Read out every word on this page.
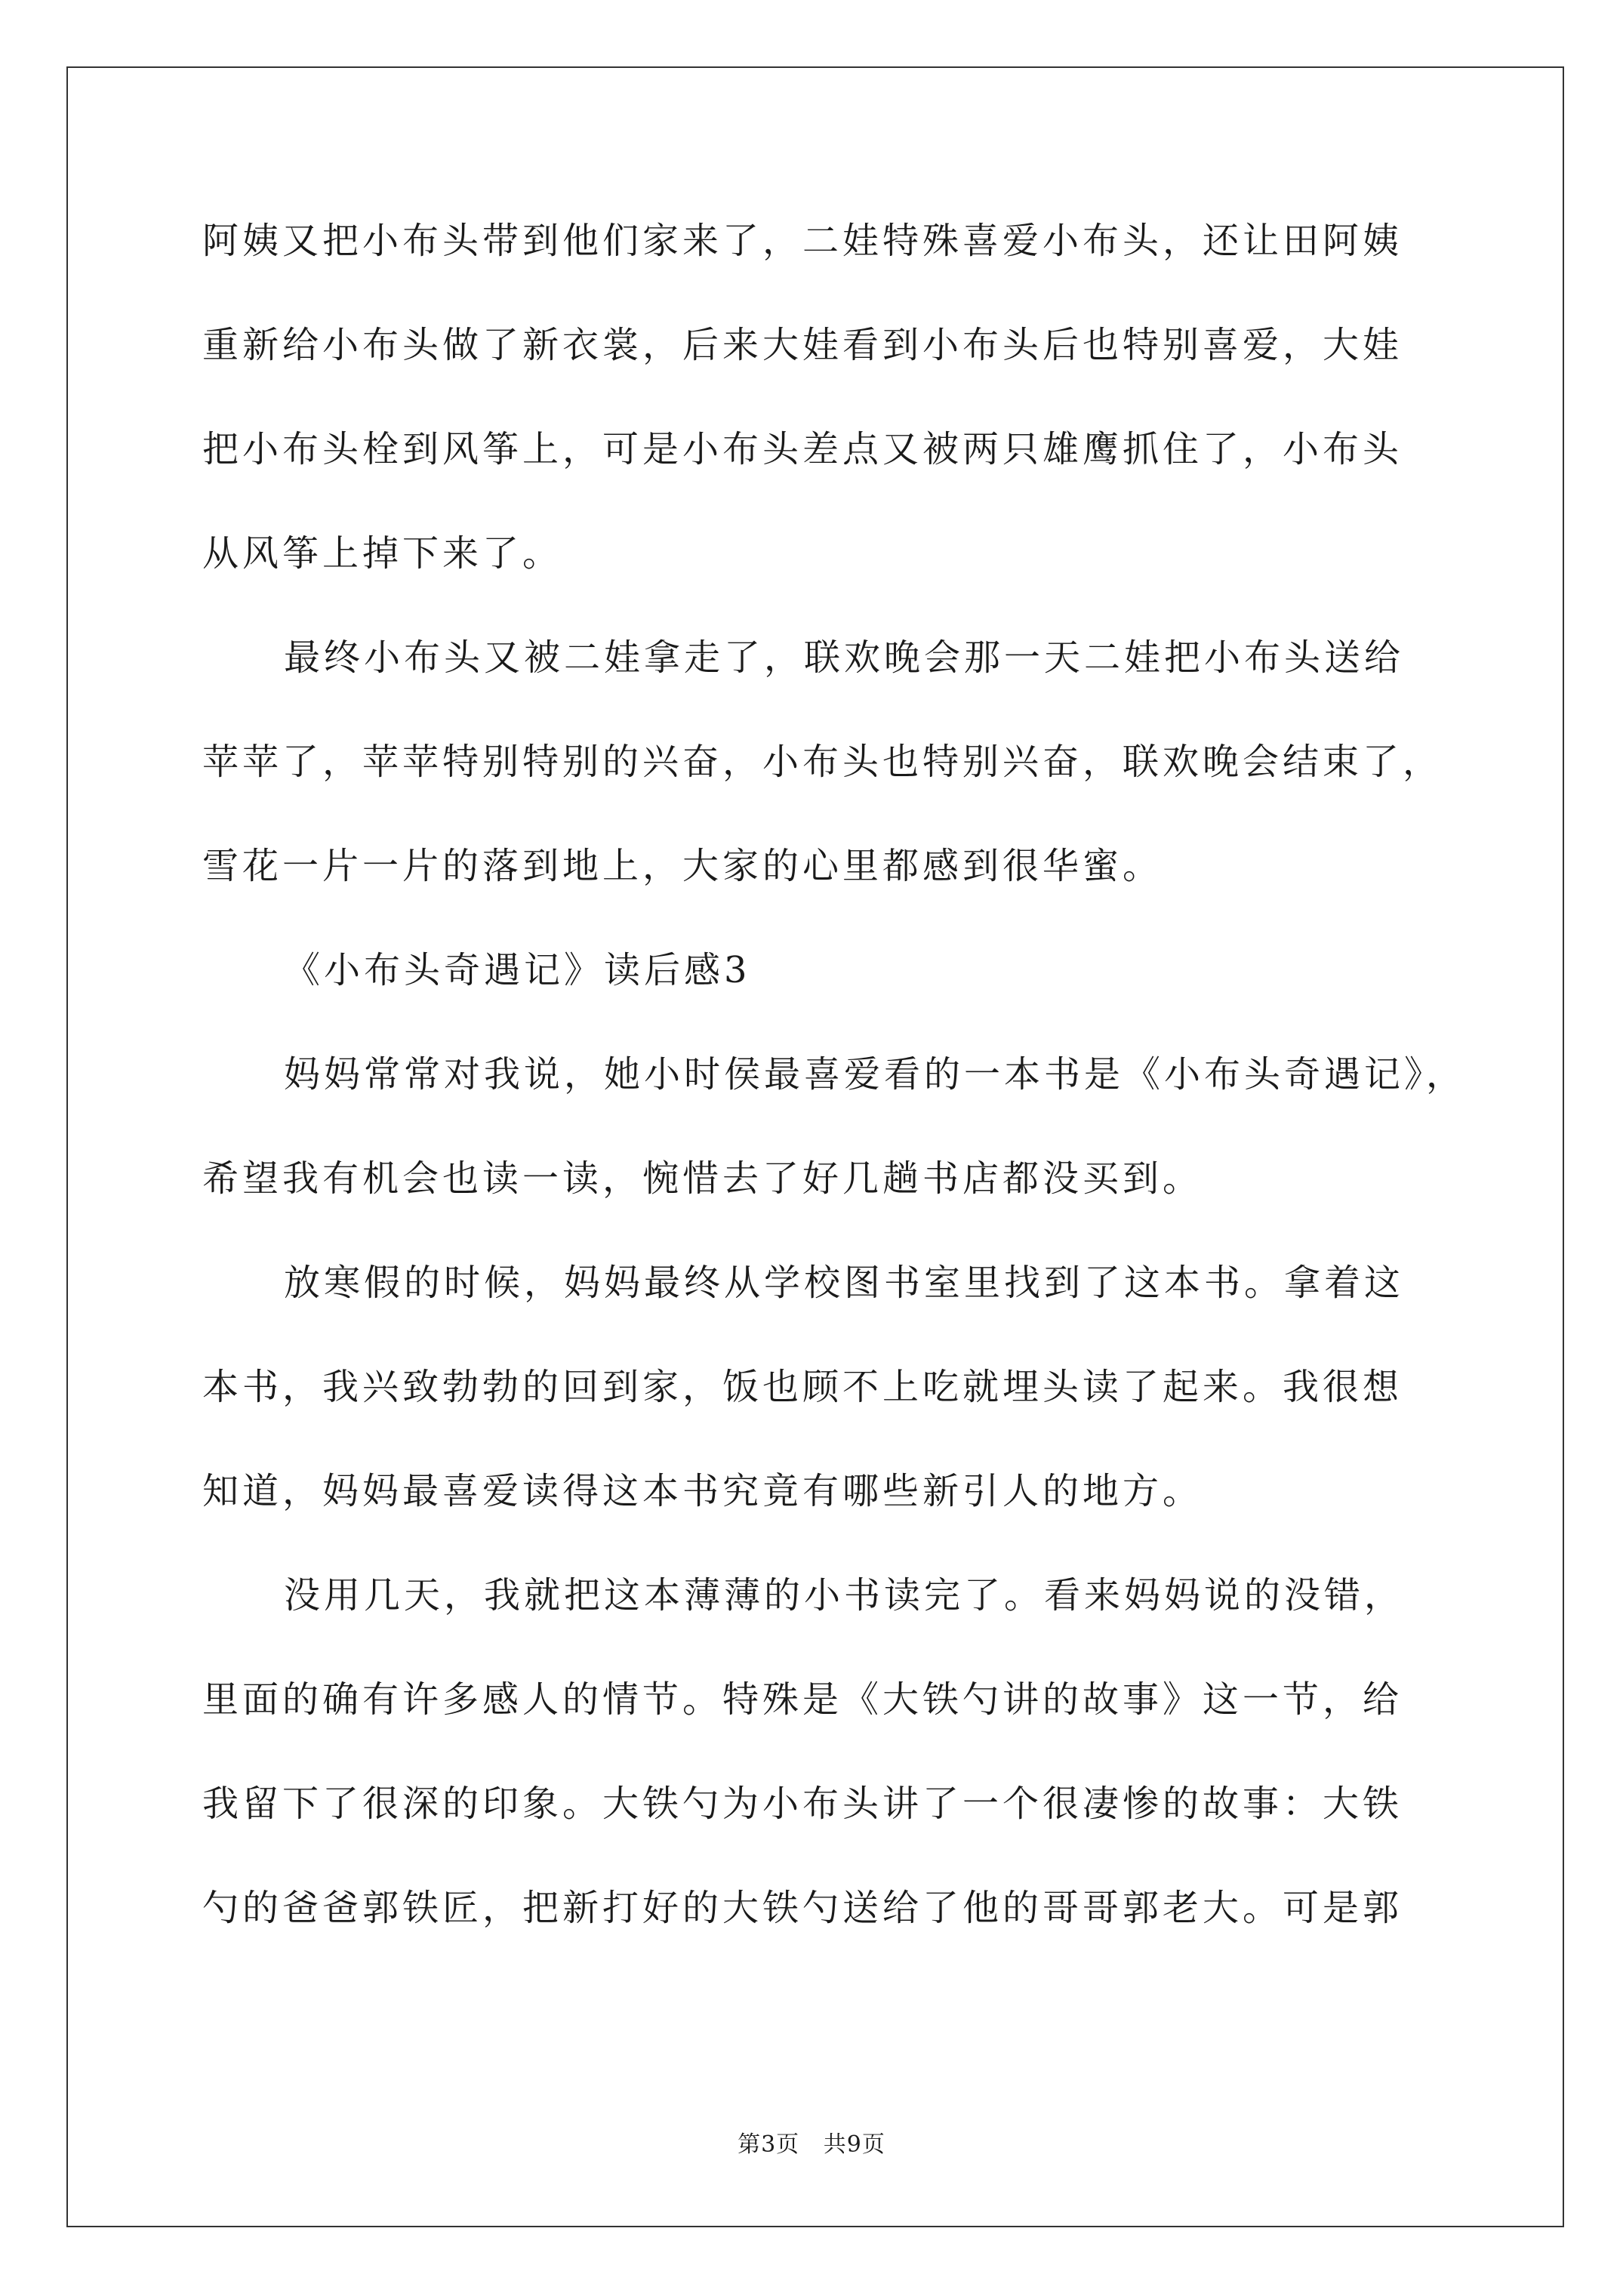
阿姨又把小布头带到他们家来了，二娃特殊喜爱小布头，还让田阿姨
重新给小布头做了新衣裳，后来大娃看到小布头后也特别喜爱，大娃
把小布头栓到风筝上，可是小布头差点又被两只雄鹰抓住了，小布头
从风筝上掉下来了。
最终小布头又被二娃拿走了，联欢晚会那一天二娃把小布头送给
苹苹了，苹苹特别特别的兴奋，小布头也特别兴奋，联欢晚会结束了，
雪花一片一片的落到地上，大家的心里都感到很华蜜。
《小布头奇遇记》读后感3
妈妈常常对我说，她小时侯最喜爱看的一本书是《小布头奇遇记》，
希望我有机会也读一读，惋惜去了好几趟书店都没买到。
放寒假的时候，妈妈最终从学校图书室里找到了这本书。拿着这
本书，我兴致勃勃的回到家，饭也顾不上吃就埋头读了起来。我很想
知道，妈妈最喜爱读得这本书究竟有哪些新引人的地方。
没用几天，我就把这本薄薄的小书读完了。看来妈妈说的没错，
里面的确有许多感人的情节。特殊是《大铁勺讲的故事》这一节，给
我留下了很深的印象。大铁勺为小布头讲了一个很凄惨的故事：大铁
勺的爸爸郭铁匠，把新打好的大铁勺送给了他的哥哥郭老大。可是郭
第3页   共9页
